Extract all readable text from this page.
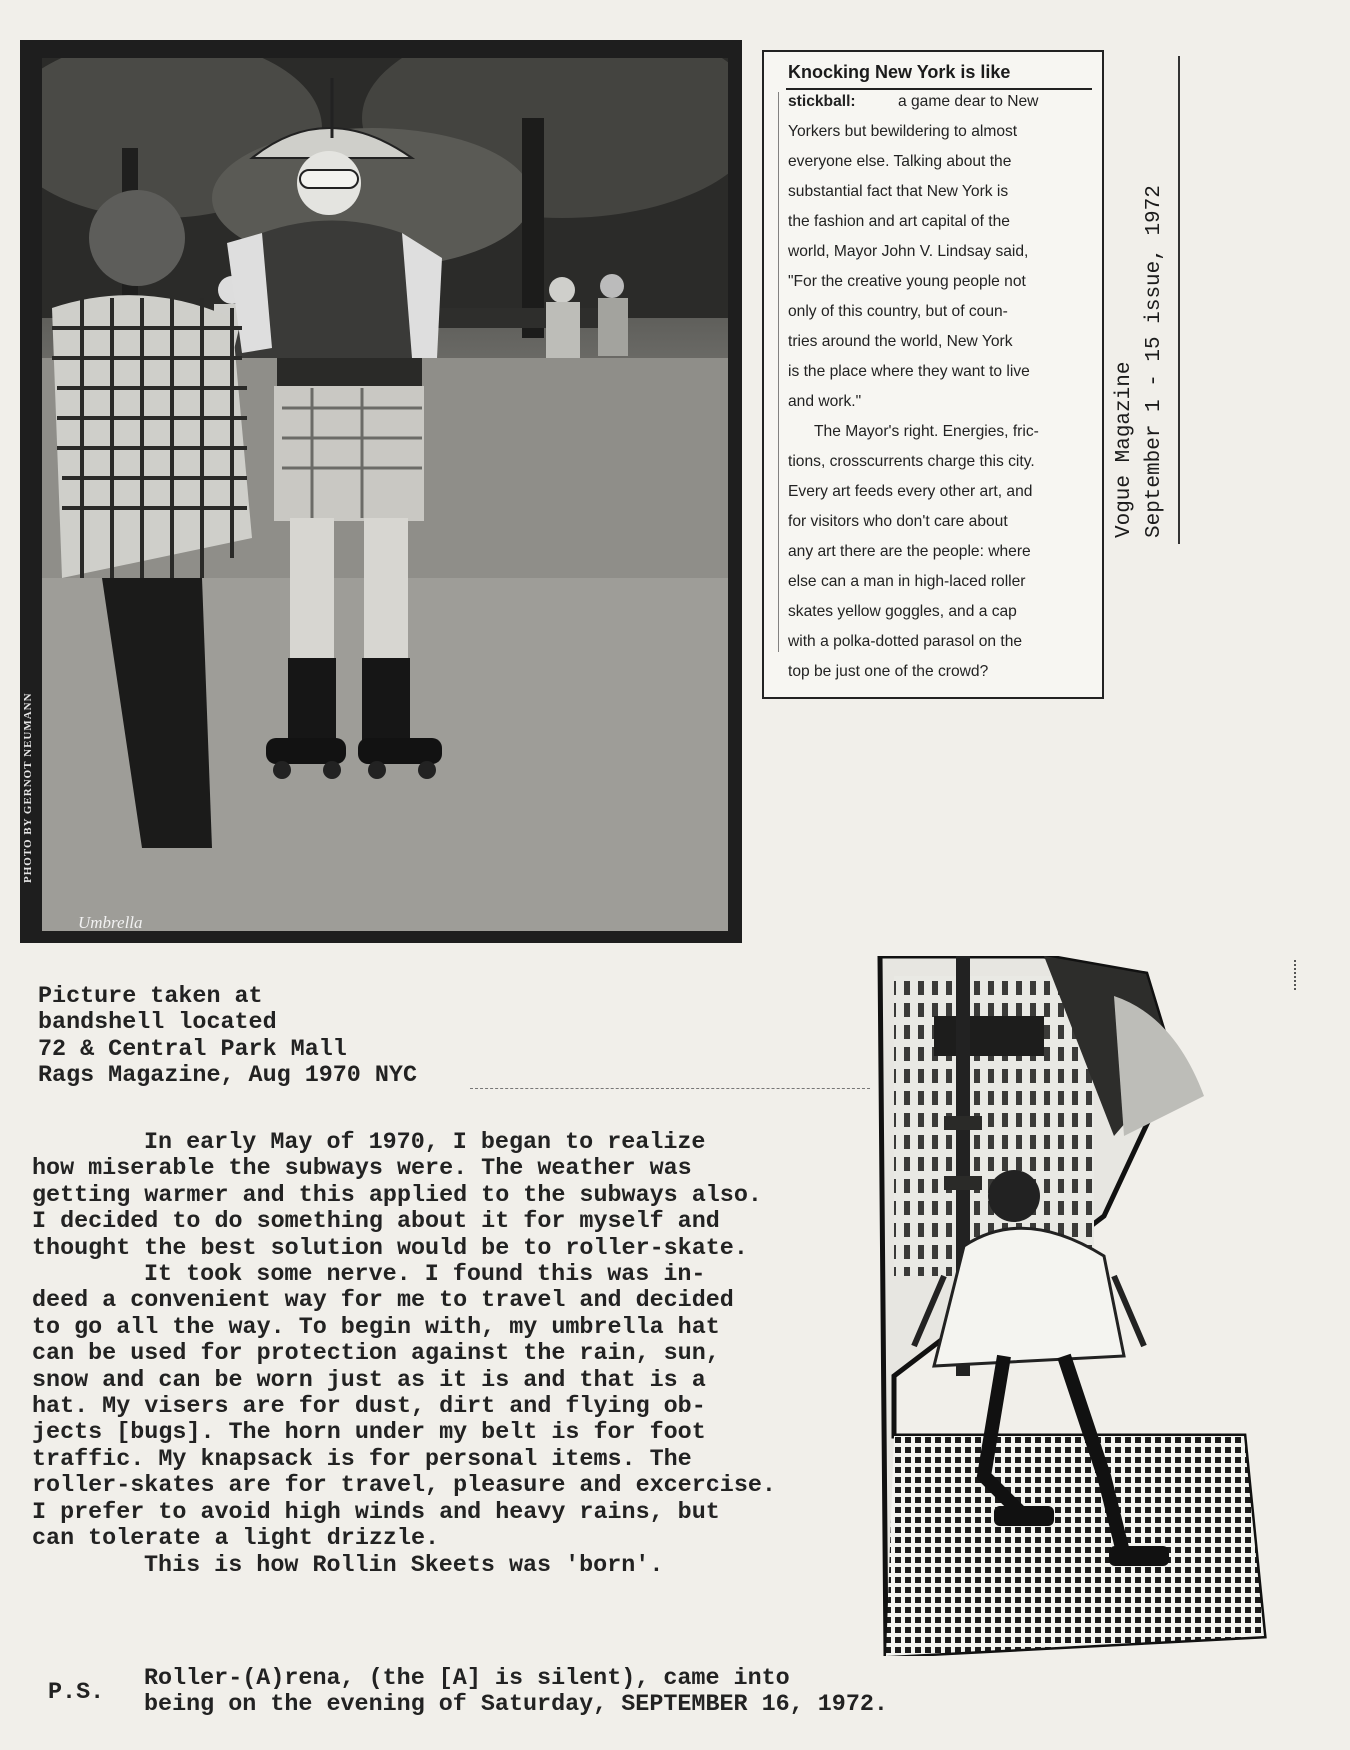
PHOTO BY GERNOT NEUMANN
Umbrella
Knocking New York is like

stickball:	a game dear to New

Yorkers but bewildering to almost

everyone else. Talking about the

substantial fact that New York is

the fashion and art capital of the

world, Mayor John V. Lindsay said,

"For the creative young people not

only of this country, but of coun-

tries around the world, New York

is the place where they want to live

and work."

The Mayor's right. Energies, fric-

tions, crosscurrents charge this city.

Every art feeds every other art, and

for visitors who don't care about

any art there are the people: where

else can a man in high-laced roller

skates yellow goggles, and a cap

with a polka-dotted parasol on the

top be just one of the crowd?

Vogue Magazine September 1 - 15 issue, 1972
Picture taken at
bandshell located
72 & Central Park Mall
Rags Magazine, Aug 1970 NYC

In early May of 1970, I began to realize
how miserable the subways were. The weather was
getting warmer and this applied to the subways also.
I decided to do something about it for myself and
thought the best solution would be to roller-skate.

It took some nerve. I found this was in-
deed a convenient way for me to travel and decided
to go all the way. To begin with, my umbrella hat
can be used for protection against the rain, sun,
snow and can be worn just as it is and that is a
hat. My visers are for dust, dirt and flying ob-
jects [bugs]. The horn under my belt is for foot
traffic. My knapsack is for personal items. The
roller-skates are for travel, pleasure and excercise.
I prefer to avoid high winds and heavy rains, but
can tolerate a light drizzle.

This is how Rollin Skeets was 'born'.

P.S.
Roller-(A)rena, (the [A] is silent), came into
being on the evening of Saturday, SEPTEMBER 16, 1972.
